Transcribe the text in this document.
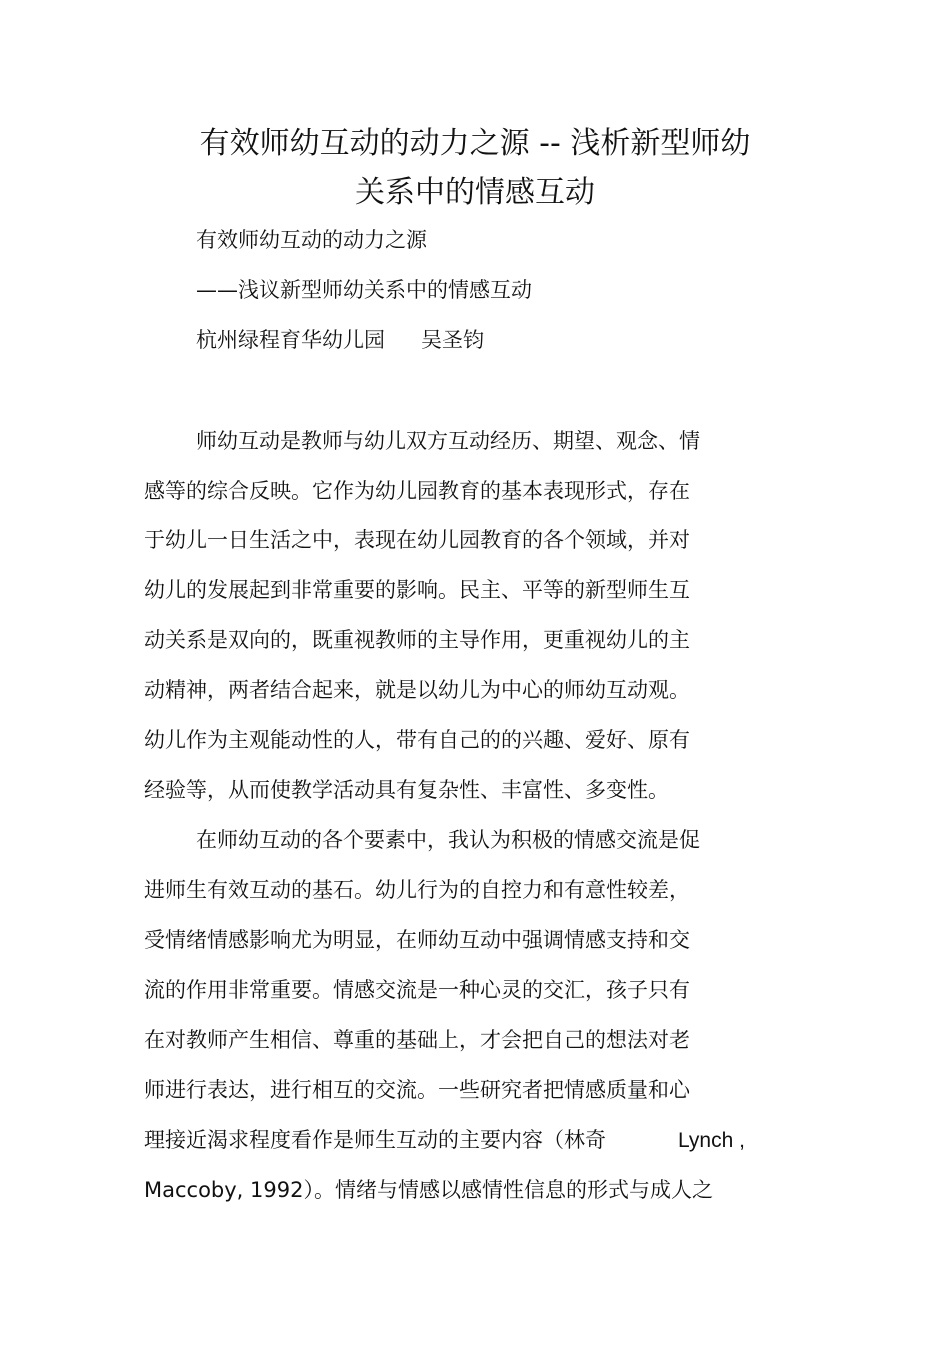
有效师幼互动的动力之源 -- 浅析新型师幼
关系中的情感互动
有效师幼互动的动力之源
——浅议新型师幼关系中的情感互动
杭州绿程育华幼儿园 吴圣钧
师幼互动是教师与幼儿双方互动经历、期望、观念、情
感等的综合反映。它作为幼儿园教育的基本表现形式，存在
于幼儿一日生活之中，表现在幼儿园教育的各个领域，并对
幼儿的发展起到非常重要的影响。民主、平等的新型师生互
动关系是双向的，既重视教师的主导作用，更重视幼儿的主
动精神，两者结合起来，就是以幼儿为中心的师幼互动观。
幼儿作为主观能动性的人，带有自己的的兴趣、爱好、原有
经验等，从而使教学活动具有复杂性、丰富性、多变性。
在师幼互动的各个要素中，我认为积极的情感交流是促
进师生有效互动的基石。幼儿行为的自控力和有意性较差，
受情绪情感影响尤为明显，在师幼互动中强调情感支持和交
流的作用非常重要。情感交流是一种心灵的交汇，孩子只有
在对教师产生相信、尊重的基础上，才会把自己的想法对老
师进行表达，进行相互的交流。一些研究者把情感质量和心
理接近渴求程度看作是师生互动的主要内容（林奇	Lynch ,
Maccoby, 1992）。情绪与情感以感情性信息的形式与成人之
